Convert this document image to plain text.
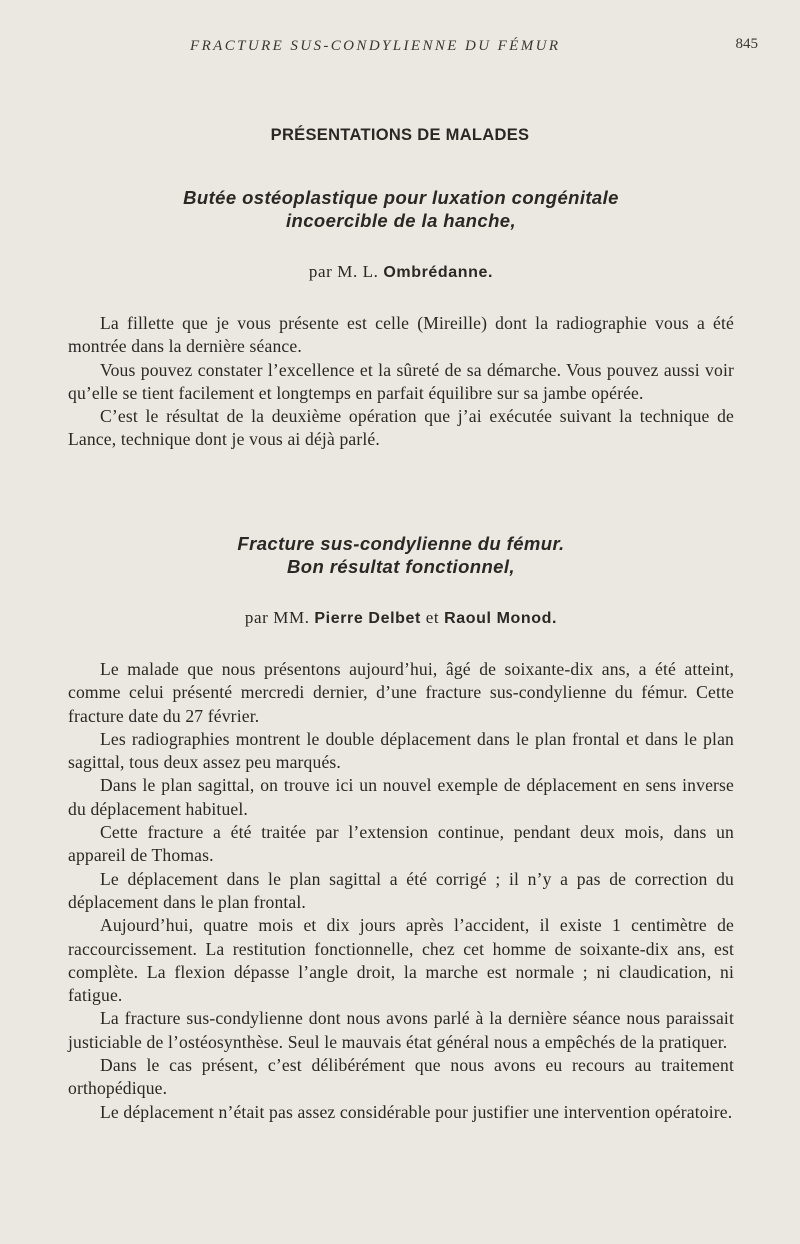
FRACTURE SUS-CONDYLIENNE DU FÉMUR	845
PRÉSENTATIONS DE MALADES
Butée ostéoplastique pour luxation congénitale
incoercible de la hanche,
par M. L. Ombrédanne.

La fillette que je vous présente est celle (Mireille) dont la radiographie vous a été montrée dans la dernière séance.

Vous pouvez constater l’excellence et la sûreté de sa démarche. Vous pouvez aussi voir qu’elle se tient facilement et longtemps en parfait équilibre sur sa jambe opérée.

C’est le résultat de la deuxième opération que j’ai exécutée suivant la technique de Lance, technique dont je vous ai déjà parlé.

Fracture sus-condylienne du fémur.
Bon résultat fonctionnel,
par MM. Pierre Delbet et Raoul Monod.

Le malade que nous présentons aujourd’hui, âgé de soixante-dix ans, a été atteint, comme celui présenté mercredi dernier, d’une fracture sus-condylienne du fémur. Cette fracture date du 27 février.

Les radiographies montrent le double déplacement dans le plan frontal et dans le plan sagittal, tous deux assez peu marqués.

Dans le plan sagittal, on trouve ici un nouvel exemple de déplacement en sens inverse du déplacement habituel.

Cette fracture a été traitée par l’extension continue, pendant deux mois, dans un appareil de Thomas.

Le déplacement dans le plan sagittal a été corrigé ; il n’y a pas de correction du déplacement dans le plan frontal.

Aujourd’hui, quatre mois et dix jours après l’accident, il existe 1 centimètre de raccourcissement. La restitution fonctionnelle, chez cet homme de soixante-dix ans, est complète. La flexion dépasse l’angle droit, la marche est normale ; ni claudication, ni fatigue.

La fracture sus-condylienne dont nous avons parlé à la dernière séance nous paraissait justiciable de l’ostéosynthèse. Seul le mauvais état général nous a empêchés de la pratiquer.

Dans le cas présent, c’est délibérément que nous avons eu recours au traitement orthopédique.

Le déplacement n’était pas assez considérable pour justifier une intervention opératoire.
